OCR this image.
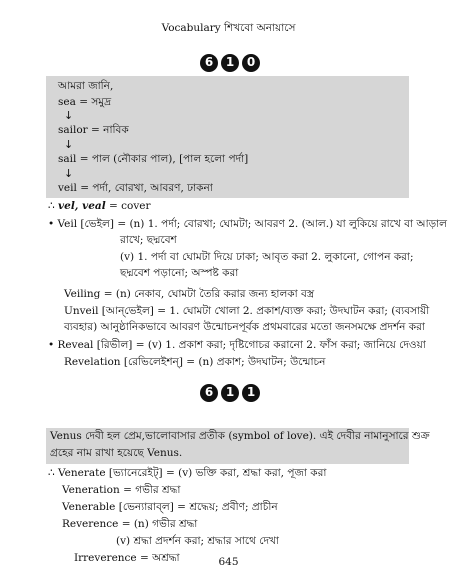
Vocabulary শিখবো অনায়াসে
6	1	0
আমরা জানি,
sea = সমুদ্র
↓
sailor = নাবিক
↓
sail = পাল (নৌকার পাল), [পাল হলো পর্দা]
↓
veil = পর্দা, বোরখা, আবরণ, ঢাকনা
∴ vel, veal = cover
• Veil [ভেইল] = (n) 1. পর্দা; বোরখা; ঘোমটা; আবরণ 2. (আল.) যা লুকিয়ে রাখে বা আড়াল
রাখে; ছদ্মবেশ
(v) 1. পর্দা বা ঘোমটা দিয়ে ঢাকা; আবৃত করা 2. লুকানো, গোপন করা;
ছদ্মবেশ পড়ানো; অস্পষ্ট করা
Veiling = (n) নেকাব, ঘোমটা তৈরি করার জন্য হালকা বস্ত্র
Unveil [আন্‌ভেইল] = 1. ঘোমটা খোলা 2. প্রকাশ/ব্যক্ত করা; উদঘাটন করা; (ব্যবসায়ী
ব্যবহার) আনুষ্ঠানিকভাবে আবরণ উন্মোচনপূর্বক প্রথমবারের মতো জনসমক্ষে প্রদর্শন করা
• Reveal [রিভীল] = (v) 1. প্রকাশ করা; দৃষ্টিগোচর করানো 2. ফাঁস করা; জানিয়ে দেওয়া
Revelation [রেভিলেইশন্‌] = (n) প্রকাশ; উদঘাটন; উন্মোচন
6	1	1
Venus দেবী হল প্রেম,ভালোবাসার প্রতীক (symbol of love). এই দেবীর নামানুসারে শুক্র
গ্রহের নাম রাখা হয়েছে Venus.
∴ Venerate [ভ্যানেরেইট্‌] = (v) ভক্তি করা, শ্রদ্ধা করা, পূজা করা
Veneration = গভীর শ্রদ্ধা
Venerable [ভেন্যারাব্‌ল] = শ্রদ্ধেয়; প্রবীণ; প্রাচীন
Reverence = (n) গভীর শ্রদ্ধা
(v) শ্রদ্ধা প্রদর্শন করা; শ্রদ্ধার সাথে দেখা
Irreverence = অশ্রদ্ধা	645
